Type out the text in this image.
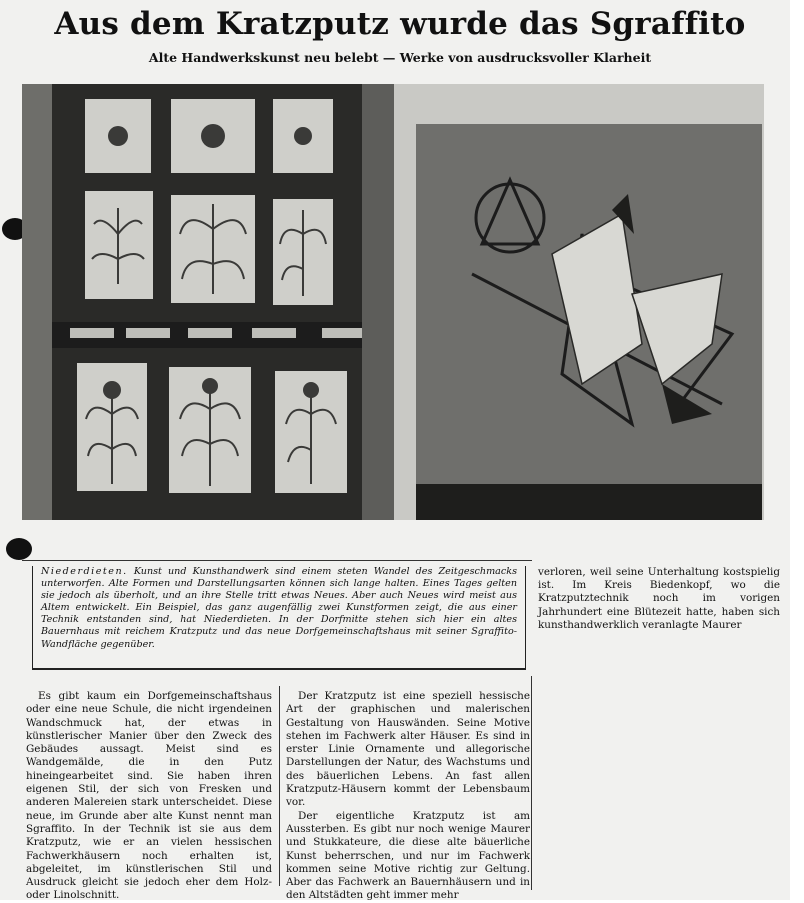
Aus dem Kratzputz wurde das Sgraffito
Alte Handwerkskunst neu belebt — Werke von ausdrucksvoller Klarheit
Niederdieten. Kunst und Kunsthandwerk sind einem steten Wandel des Zeitgeschmacks unterworfen. Alte Formen und Darstellungsarten können sich lange halten. Eines Tages gelten sie jedoch als überholt, und an ihre Stelle tritt etwas Neues. Aber auch Neues wird meist aus Altem entwickelt. Ein Beispiel, das ganz augenfällig zwei Kunstformen zeigt, die aus einer Technik entstanden sind, hat Niederdieten. In der Dorfmitte stehen sich hier ein altes Bauernhaus mit reichem Kratzputz und das neue Dorfgemeinschaftshaus mit seiner Sgraffito-Wandfläche gegenüber.
verloren, weil seine Unterhaltung kostspielig ist. Im Kreis Biedenkopf, wo die Kratzputztechnik noch im vorigen Jahrhundert eine Blütezeit hatte, haben sich kunsthandwerklich veranlagte Maurer

Es gibt kaum ein Dorfgemeinschaftshaus oder eine neue Schule, die nicht irgendeinen Wandschmuck hat, der etwas in künstlerischer Manier über den Zweck des Gebäudes aussagt. Meist sind es Wandgemälde, die in den Putz hineingearbeitet sind. Sie haben ihren eigenen Stil, der sich von Fresken und anderen Malereien stark unterscheidet. Diese neue, im Grunde aber alte Kunst nennt man Sgraffito. In der Technik ist sie aus dem Kratzputz, wie er an vielen hessischen Fachwerkhäusern noch erhalten ist, abgeleitet, im künstlerischen Stil und Ausdruck gleicht sie jedoch eher dem Holz- oder Linolschnitt.

Der Kratzputz ist eine speziell hessische Art der graphischen und malerischen Gestaltung von Hauswänden. Seine Motive stehen im Fachwerk alter Häuser. Es sind in erster Linie Ornamente und allegorische Darstellungen der Natur, des Wachstums und des bäuerlichen Lebens. An fast allen Kratzputz-Häusern kommt der Lebensbaum vor.

Der eigentliche Kratzputz ist am Aussterben. Es gibt nur noch wenige Maurer und Stukkateure, die diese alte bäuerliche Kunst beherrschen, und nur im Fachwerk kommen seine Motive richtig zur Geltung. Aber das Fachwerk an Bauernhäusern und in den Altstädten geht immer mehr
